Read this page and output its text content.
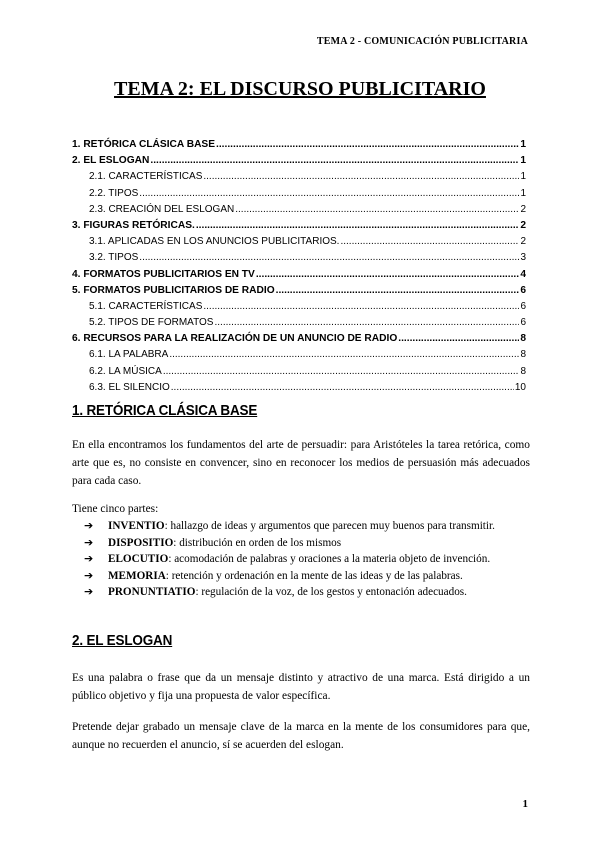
TEMA 2 - COMUNICACIÓN PUBLICITARIA
TEMA 2: EL DISCURSO PUBLICITARIO
1. RETÓRICA CLÁSICA BASE .....	1
2. EL ESLOGAN .....	1
2.1. CARACTERÍSTICAS .....	1
2.2. TIPOS .....	1
2.3. CREACIÓN DEL ESLOGAN .....	2
3. FIGURAS RETÓRICAS. .....	2
3.1. APLICADAS EN LOS ANUNCIOS PUBLICITARIOS. .....	2
3.2. TIPOS .....	3
4. FORMATOS PUBLICITARIOS EN TV .....	4
5. FORMATOS PUBLICITARIOS DE RADIO .....	6
5.1. CARACTERÍSTICAS .....	6
5.2. TIPOS DE FORMATOS .....	6
6. RECURSOS PARA LA REALIZACIÓN DE UN ANUNCIO DE RADIO .....	8
6.1. LA PALABRA .....	8
6.2. LA MÚSICA .....	8
6.3. EL SILENCIO .....	10
1. RETÓRICA CLÁSICA BASE
En ella encontramos los fundamentos del arte de persuadir: para Aristóteles la tarea retórica, como arte que es, no consiste en convencer, sino en reconocer los medios de persuasión más adecuados para cada caso.
Tiene cinco partes:
➔	INVENTIO: hallazgo de ideas y argumentos que parecen muy buenos para transmitir.
➔	DISPOSITIO: distribución en orden de los mismos
➔	ELOCUTIO: acomodación de palabras y oraciones a la materia objeto de invención.
➔	MEMORIA: retención y ordenación en la mente de las ideas y de las palabras.
➔	PRONUNTIATIO: regulación de la voz, de los gestos y entonación adecuados.
2. EL ESLOGAN
Es una palabra o frase que da un mensaje distinto y atractivo de una marca. Está dirigido a un público objetivo y fija una propuesta de valor específica.
Pretende dejar grabado un mensaje clave de la marca en la mente de los consumidores para que, aunque no recuerden el anuncio, sí se acuerden del eslogan.
1
